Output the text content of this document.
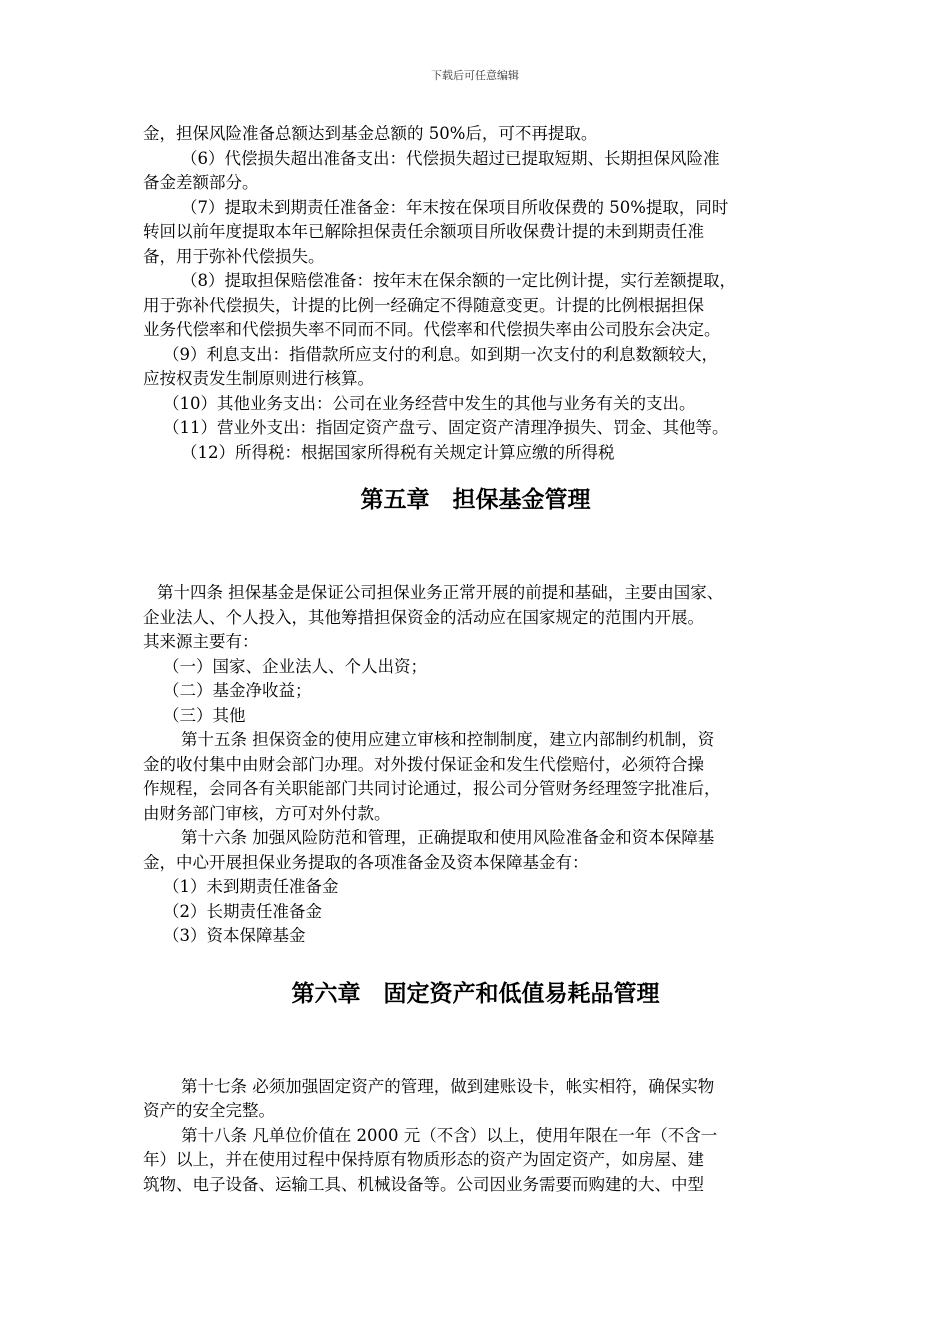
下载后可任意编辑
金，担保风险准备总额达到基金总额的 50%后，可不再提取。
（6）代偿损失超出准备支出：代偿损失超过已提取短期、长期担保风险准
备金差额部分。
（7）提取未到期责任准备金：年末按在保项目所收保费的 50%提取，同时
转回以前年度提取本年已解除担保责任余额项目所收保费计提的未到期责任准
备，用于弥补代偿损失。
（8）提取担保赔偿准备：按年末在保余额的一定比例计提，实行差额提取，
用于弥补代偿损失，计提的比例一经确定不得随意变更。计提的比例根据担保
业务代偿率和代偿损失率不同而不同。代偿率和代偿损失率由公司股东会决定。
（9）利息支出：指借款所应支付的利息。如到期一次支付的利息数额较大，
应按权责发生制原则进行核算。
（10）其他业务支出：公司在业务经营中发生的其他与业务有关的支出。
（11）营业外支出：指固定资产盘亏、固定资产清理净损失、罚金、其他等。
（12）所得税：根据国家所得税有关规定计算应缴的所得税
第五章　担保基金管理
第十四条 担保基金是保证公司担保业务正常开展的前提和基础，主要由国家、
企业法人、个人投入，其他筹措担保资金的活动应在国家规定的范围内开展。
其来源主要有：
（一）国家、企业法人、个人出资；
（二）基金净收益；
（三）其他
第十五条 担保资金的使用应建立审核和控制制度，建立内部制约机制，资
金的收付集中由财会部门办理。对外拨付保证金和发生代偿赔付，必须符合操
作规程，会同各有关职能部门共同讨论通过，报公司分管财务经理签字批准后，
由财务部门审核，方可对外付款。
第十六条 加强风险防范和管理，正确提取和使用风险准备金和资本保障基
金，中心开展担保业务提取的各项准备金及资本保障基金有：
（1）未到期责任准备金
（2）长期责任准备金
（3）资本保障基金
第六章　固定资产和低值易耗品管理
第十七条 必须加强固定资产的管理，做到建账设卡，帐实相符，确保实物
资产的安全完整。
第十八条 凡单位价值在 2000 元（不含）以上，使用年限在一年（不含一
年）以上，并在使用过程中保持原有物质形态的资产为固定资产，如房屋、建
筑物、电子设备、运输工具、机械设备等。公司因业务需要而购建的大、中型
